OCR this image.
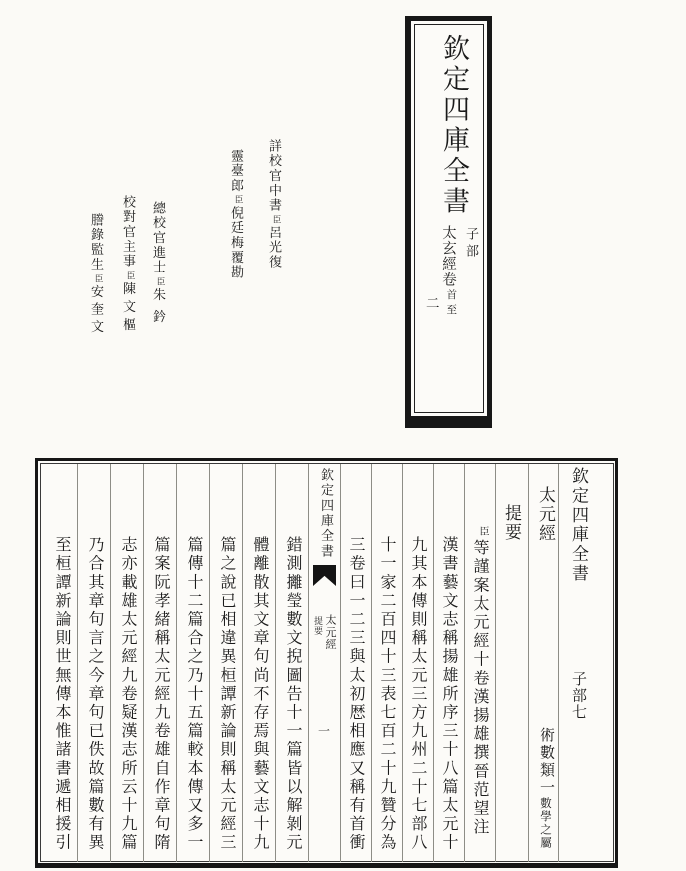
欽定四庫全書
子部
太玄經卷
首
二 至
詳校官中書臣呂光復
靈臺郎臣倪廷梅覆勘
總校官進士臣朱鈐
校對官主事臣陳文樞
謄錄監生臣安奎文
欽定四庫全書
子部七
太元經
術數類一數學之屬
提要
臣等謹案太元經十卷漢揚雄撰晉范望注
漢書藝文志稱揚雄所序三十八篇太元十
九其本傳則稱太元三方九州二十七部八
十一家二百四十三表七百二十九贊分為
三卷曰一二三與太初厯相應又稱有首衝
欽定四庫全書
太元經
提要
一
錯測攡瑩數文掜圖告十一篇皆以解剝元
體離散其文章句尚不存焉與藝文志十九
篇之說已相違異桓譚新論則稱太元經三
篇傳十二篇合之乃十五篇較本傳又多一
篇案阮孝緒稱太元經九卷雄自作章句隋
志亦載雄太元經九卷疑漢志所云十九篇
乃合其章句言之今章句已佚故篇數有異
至桓譚新論則世無傳本惟諸書遞相援引
